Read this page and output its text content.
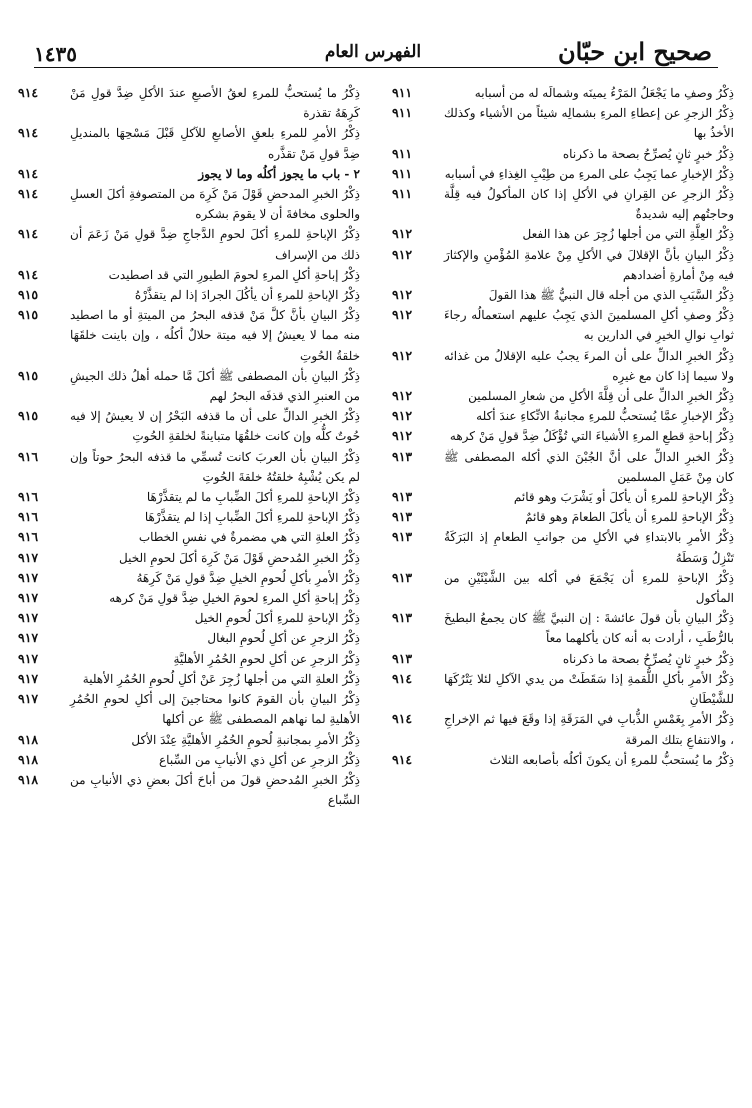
صحيح ابن حبّان
الفهرس العام
١٤٣٥
ذِكْرُ وصفِ ما يَجْعَلُ المَرْءُ يمينَه وشمالَه له من أسبابه
٩١١
ذِكْرُ الزجرِ عن إعطاءِ المرءِ بشمالِه شيئاً من الأشياء وكذلك الأخذُ بها
٩١١
ذِكْرُ خبرٍ ثانٍ يُصرِّحُ بصحة ما ذكرناه
٩١١
ذِكْرُ الإخبارِ عما يَجِبُ على المرءِ من طِيْبِ الغِذاءِ في أسبابه
٩١١
ذِكْرُ الزجرِ عن القِرانِ في الأكلِ إذا كان المأكولُ فيه قِلَّة وحاجتُهم إليه شديدةٌ
٩١١
ذِكْرُ العِلَّةِ التي من أجلها زُجِرَ عن هذا الفعل
٩١٢
ذِكْرُ البيانِ بأنَّ الإقلالَ في الأكلِ مِنْ علامةِ المُؤْمنِ والإكثارَ فيه مِنْ أمارةِ أضدادهم
٩١٢
ذِكْرُ السَّبَبِ الذي من أجله قال النبيُّ ﷺ هذا القولَ
٩١٢
ذِكْرُ وصفِ أكلِ المسلمينَ الذي يَجِبُ عليهم استعمالُه رجاءَ ثوابِ نوالِ الخيرِ في الدارين به
٩١٢
ذِكْرُ الخبرِ الدالِّ على أن المرءَ يجبُ عليه الإقلالُ من غذائه ولا سيما إذا كان مع غيرِه
٩١٢
ذِكْرُ الخبرِ الدالِّ على أن قِلَّةَ الأكلِ من شعارِ المسلمين
٩١٢
ذِكْرُ الإخبارِ عمَّا يُستحبُّ للمرءِ مجانبةُ الاتِّكاءِ عندَ أكله
٩١٢
ذِكْرُ إباحةِ قطعِ المرءِ الأشياءَ التي تُؤْكَلُ ضِدَّ قولِ مَنْ كرهه
٩١٢
ذِكْرُ الخبرِ الدالِّ على أنَّ الجُبْنَ الذي أكله المصطفى ﷺ كان مِنْ عَمَلِ المسلمين
٩١٣
ذِكْرُ الإباحةِ للمرءِ أن يأكلَ أو يَشْرَبَ وهو قائم
٩١٣
ذِكْرُ الإباحةِ للمرءِ أن يأكلَ الطعامَ وهو قائمٌ
٩١٣
ذِكْرُ الأمرِ بالابتداءِ في الأكلِ من جوانبِ الطعامِ إذ البَرَكَةُ تَنْزِلُ وَسَطَهُ
٩١٣
ذِكْرُ الإباحةِ للمرءِ أن يَجْمَعَ في أكله بين الشَّيْئَيْنِ من المأكول
٩١٣
ذِكْرُ البيانِ بأن قولَ عائشةَ : إن النبيَّ ﷺ كان يجمعُ البطيخَ بالرُّطَبِ ، أرادت به أنه كان يأكلهما معاً
٩١٣
ذِكْرُ خبرٍ ثانٍ يُصرِّحُ بصحة ما ذكرناه
٩١٣
ذِكْرُ الأمرِ بأكلِ اللُّقمةِ إذا سَقَطَتْ من يدي الآكلِ لئلا يَتْرُكَهَا للشَّيْطَانِ
٩١٤
ذِكْرُ الأمرِ بِغَمْسِ الذُّبابِ في المَرَقَةِ إذا وقَعَ فيها ثم الإخراجِ ، والانتفاعِ بتلك المرقة
٩١٤
ذِكْرُ ما يُستحبُّ للمرءِ أن يكونَ أكلُه بأصابعه الثلاث
٩١٤
ذِكْرُ ما يُستحبُّ للمرءِ لعقُ الأصبعِ عندَ الأكلِ ضِدَّ قولِ مَنْ كَرِهَهُ تقذرة
٩١٤
ذِكْرُ الأمرِ للمرءِ بلعقِ الأصابعِ للآكلِ قَبْلَ مَسْحِهَا بالمنديلِ ضِدَّ قولِ مَنْ تقذَّره
٩١٤
٢ - باب ما يجوز أكلُه وما لا يجوز
٩١٤
ذِكْرُ الخبرِ المدحضِ قَوْلَ مَنْ كَرِهَ من المتصوفةِ أكلَ العسلِ والحلوى مخافةَ أن لا يقومَ بشكره
٩١٤
ذِكْرُ الإباحةِ للمرءِ أكلَ لحومِ الدَّجاجِ ضِدَّ قولِ مَنْ زَعَمَ أن ذلك من الإسراف
٩١٤
ذِكْرُ إباحةِ أكلِ المرءِ لحومَ الطيورِ التي قد اصطيدت
٩١٤
ذِكْرُ الإباحةِ للمرءِ أن يأكُلَ الجرادَ إذا لم يتقذَّرْهُ
٩١٥
ذِكْرُ البيانِ بأنَّ كلَّ مَنْ قذفه البحرُ من الميتةِ أو ما اصطيد منه مما لا يعيشُ إلا فيه ميتة حلالٌ أكلُه ، وإن باينت خلقَهَا خلقةُ الحُوتِ
٩١٥
ذِكْرُ البيانِ بأن المصطفى ﷺ أكلَ مَّا حمله أهلُ ذلك الجيشِ من العنبرِ الذي قذفَه البحرُ لهم
٩١٥
ذِكْرُ الخبرِ الدالِّ على أن ما قذفه البَحْرُ إن لا يعيشُ إلا فيه حُوتٌ كلُّه وإن كانت خلقُهَا متباينةً لخلقةِ الحُوتِ
٩١٥
ذِكْرُ البيانِ بأن العربَ كانت تُسمِّي ما قذفه البحرُ حوتاً وإن لم يكن يُشْبِهُ خلقتُهُ خلقةَ الحُوتِ
٩١٦
ذِكْرُ الإباحةِ للمرءِ أكلَ الضِّبابِ ما لم يتقذَّرْهَا
٩١٦
ذِكْرُ الإباحةِ للمرءِ أكلَ الضِّبابِ إذا لم يتقذَّرْهَا
٩١٦
ذِكْرُ العلةِ التي هي مضمرةٌ في نفسِ الخطاب
٩١٦
ذِكْرُ الخبرِ المُدحضِ قَوْلَ مَنْ كَرِهَ أكلَ لحومِ الخيل
٩١٧
ذِكْرُ الأمرِ بأكلِ لُحومِ الخيلِ ضِدَّ قولِ مَنْ كَرِهَهُ
٩١٧
ذِكْرُ إباحةِ أكلِ المرءِ لحومَ الخيلِ ضِدَّ قولِ مَنْ كرهه
٩١٧
ذِكْرُ الإباحةِ للمرءِ أكلَ لُحومِ الخيل
٩١٧
ذِكْرُ الزجرِ عن أكلِ لُحومِ البغال
٩١٧
ذِكْرُ الزجرِ عن أكلِ لحومِ الحُمُرِ الأهليَّةِ
٩١٧
ذِكْرُ العلةِ التي من أجلها زُجِرَ عَنْ أكلِ لُحومِ الحُمُرِ الأهلية
٩١٧
ذِكْرُ البيانِ بأن القومَ كانوا محتاجينَ إلى أكلِ لحومِ الحُمُرِ الأهليةِ لما نهاهم المصطفى ﷺ عن أكلها
٩١٧
ذِكْرُ الأمرِ بمجانبةِ لُحومِ الحُمُرِ الأهليَّةِ عِنْدَ الأكل
٩١٨
ذِكْرُ الزجرِ عن أكلِ ذي الأنيابِ من السِّباع
٩١٨
ذِكْرُ الخبرِ المُدحضِ قولَ من أباحَ أكلَ بعضِ ذي الأنيابِ من السِّباع
٩١٨
